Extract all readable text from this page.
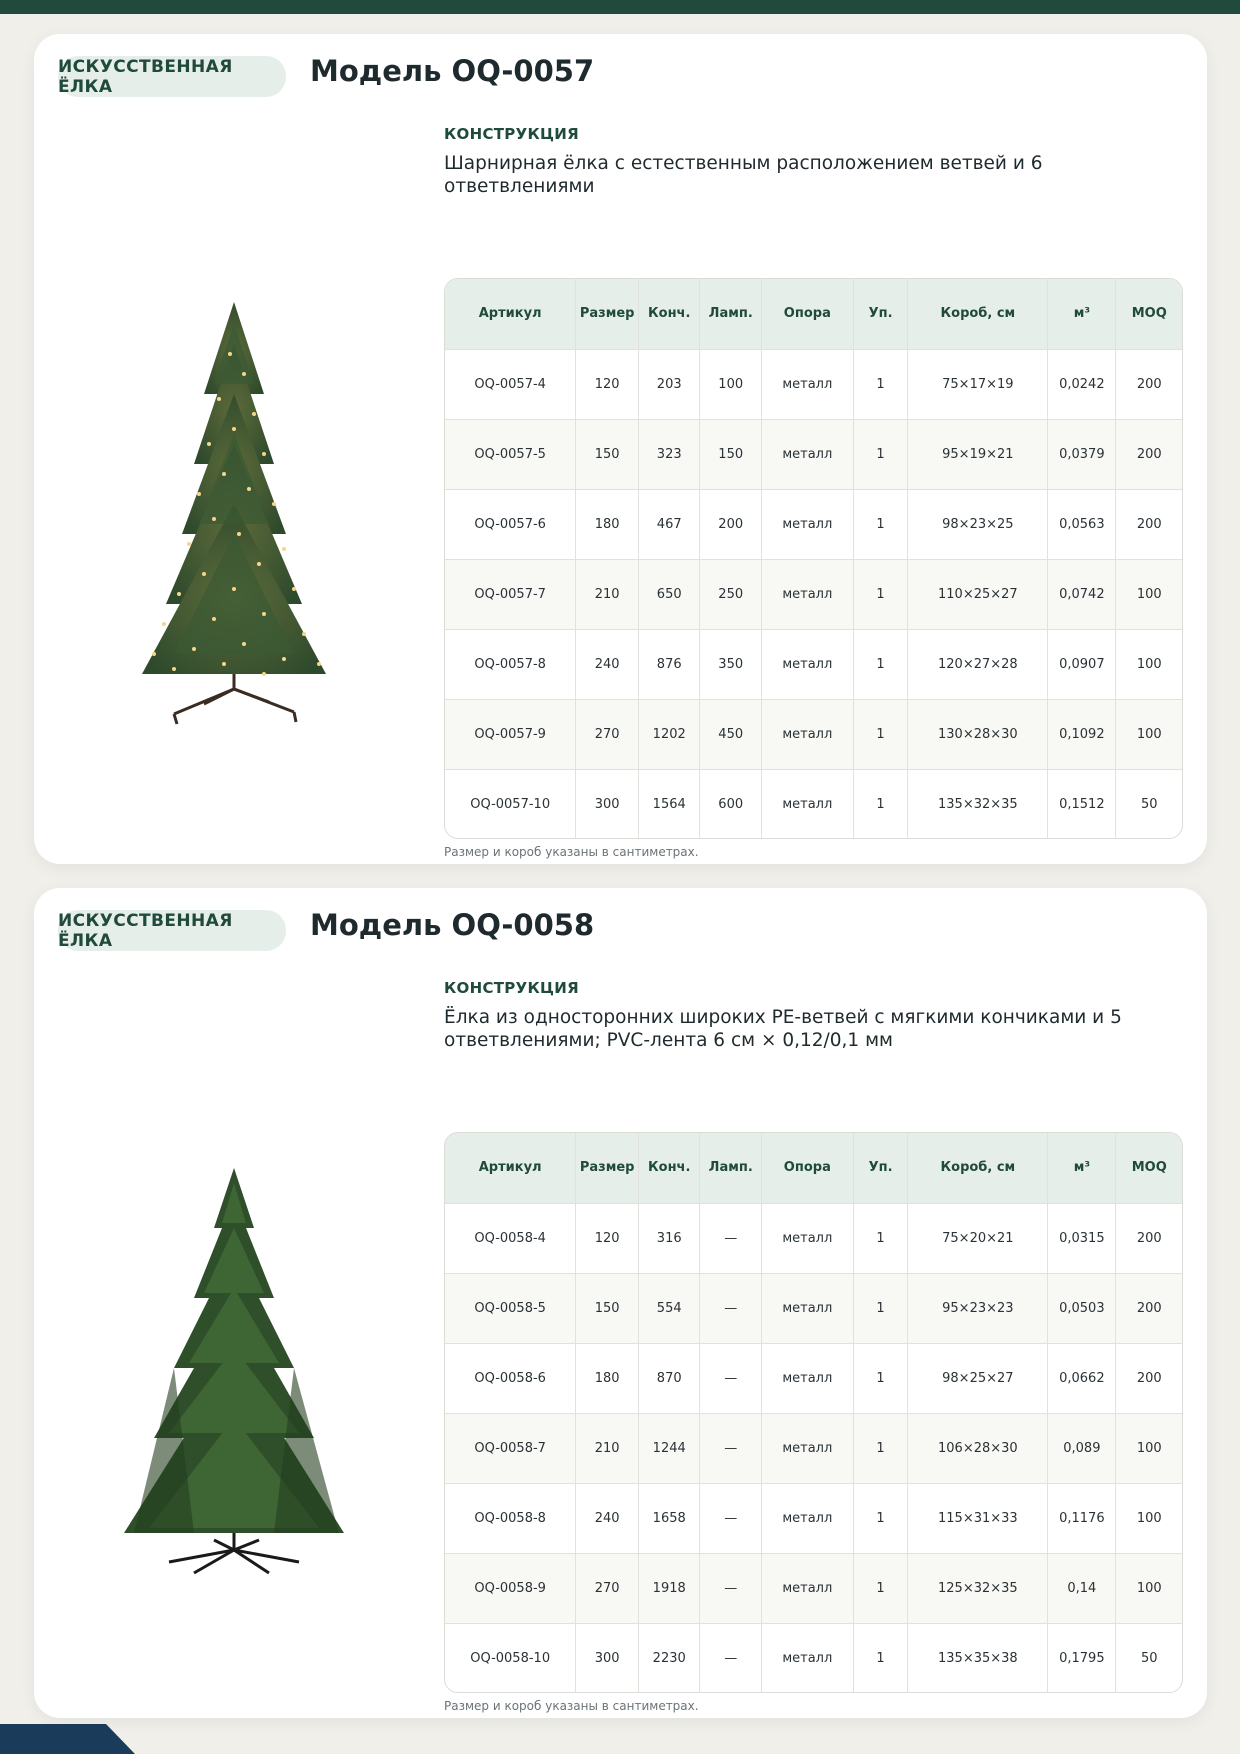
ИСКУССТВЕННАЯ ЁЛКА	Модель OQ-0057
КОНСТРУКЦИЯ
Шарнирная ёлка с естественным расположением ветвей и 6 ответвлениями
Артикул	Размер	Конч.	Ламп.	Опора	Уп.	Короб, см	м³	MOQ
OQ-0057-4	120	203	100	металл	1	75×17×19	0,0242	200
OQ-0057-5	150	323	150	металл	1	95×19×21	0,0379	200
OQ-0057-6	180	467	200	металл	1	98×23×25	0,0563	200
OQ-0057-7	210	650	250	металл	1	110×25×27	0,0742	100
OQ-0057-8	240	876	350	металл	1	120×27×28	0,0907	100
OQ-0057-9	270	1202	450	металл	1	130×28×30	0,1092	100
OQ-0057-10	300	1564	600	металл	1	135×32×35	0,1512	50
Размер и короб указаны в сантиметрах.
ИСКУССТВЕННАЯ ЁЛКА	Модель OQ-0058
КОНСТРУКЦИЯ
Ёлка из односторонних широких PE-ветвей с мягкими кончиками и 5 ответвлениями; PVC-лента 6 см × 0,12/0,1 мм
Артикул	Размер	Конч.	Ламп.	Опора	Уп.	Короб, см	м³	MOQ
OQ-0058-4	120	316	—	металл	1	75×20×21	0,0315	200
OQ-0058-5	150	554	—	металл	1	95×23×23	0,0503	200
OQ-0058-6	180	870	—	металл	1	98×25×27	0,0662	200
OQ-0058-7	210	1244	—	металл	1	106×28×30	0,089	100
OQ-0058-8	240	1658	—	металл	1	115×31×33	0,1176	100
OQ-0058-9	270	1918	—	металл	1	125×32×35	0,14	100
OQ-0058-10	300	2230	—	металл	1	135×35×38	0,1795	50
Размер и короб указаны в сантиметрах.
